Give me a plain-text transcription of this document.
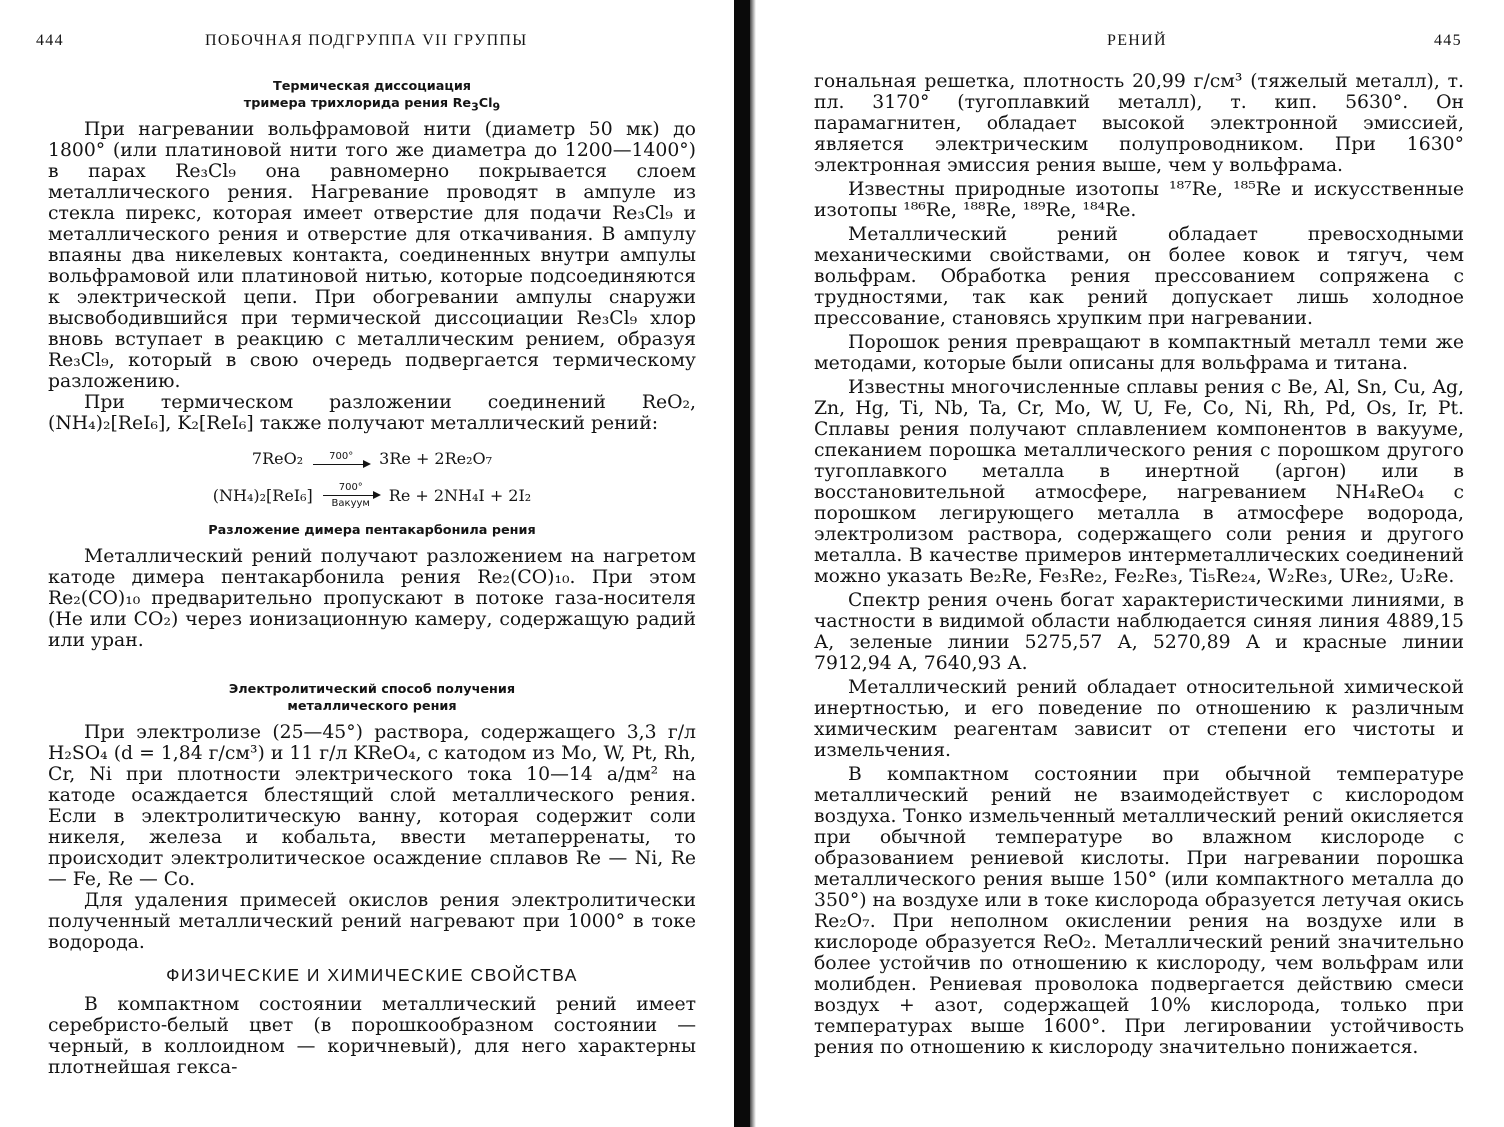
444	ПОБОЧНАЯ ПОДГРУППА VII ГРУППЫ
Термическая диссоциация
тримера трихлорида рения $Re_3Cl_9$

При нагревании вольфрамовой нити (диаметр 50 мк) до 1800° (или платиновой нити того же диаметра до 1200—1400°) в парах Re₃Cl₉ она равномерно покрывается слоем металлического рения. Нагревание проводят в ампуле из стекла пирекс, которая имеет отверстие для подачи Re₃Cl₉ и металлического рения и отверстие для откачивания. В ампулу впаяны два никелевых контакта, соединенных внутри ампулы вольфрамовой или платиновой нитью, которые подсоединяются к электрической цепи. При обогревании ампулы снаружи высвободившийся при термической диссоциации Re₃Cl₉ хлор вновь вступает в реакцию с металлическим рением, образуя Re₃Cl₉, который в свою очередь подвергается термическому разложению.

При термическом разложении соединений ReO₂, (NH₄)₂[ReI₆], K₂[ReI₆] также получают металлический рений:

7ReO₂	700° 3Re + 2Re₂O₇
(NH₄)₂[ReI₆]	700°
Вакуум Re + 2NH₄I + 2I₂
Разложение димера пентакарбонила рения

Металлический рений получают разложением на нагретом катоде димера пентакарбонила рения Re₂(CO)₁₀. При этом Re₂(CO)₁₀ предварительно пропускают в потоке газа-носителя (He или CO₂) через ионизационную камеру, содержащую радий или уран.

Электролитический способ получения
металлического рения

При электролизе (25—45°) раствора, содержащего 3,3 г/л H₂SO₄ (d = 1,84 г/см³) и 11 г/л KReO₄, с катодом из Mo, W, Pt, Rh, Cr, Ni при плотности электрического тока 10—14 а/дм² на катоде осаждается блестящий слой металлического рения. Если в электролитическую ванну, которая содержит соли никеля, железа и кобальта, ввести метаперренаты, то происходит электролитическое осаждение сплавов Re — Ni, Re — Fe, Re — Co.

Для удаления примесей окислов рения электролитически полученный металлический рений нагревают при 1000° в токе водорода.

ФИЗИЧЕСКИЕ И ХИМИЧЕСКИЕ СВОЙСТВА

В компактном состоянии металлический рений имеет серебристо-белый цвет (в порошкообразном состоянии — черный, в коллоидном — коричневый), для него характерны плотнейшая гекса-

РЕНИЙ	445

гональная решетка, плотность 20,99 г/см³ (тяжелый металл), т. пл. 3170° (тугоплавкий металл), т. кип. 5630°. Он парамагнитен, обладает высокой электронной эмиссией, является электрическим полупроводником. При 1630° электронная эмиссия рения выше, чем у вольфрама.

Известны природные изотопы ¹⁸⁷Re, ¹⁸⁵Re и искусственные изотопы ¹⁸⁶Re, ¹⁸⁸Re, ¹⁸⁹Re, ¹⁸⁴Re.

Металлический рений обладает превосходными механическими свойствами, он более ковок и тягуч, чем вольфрам. Обработка рения прессованием сопряжена с трудностями, так как рений допускает лишь холодное прессование, становясь хрупким при нагревании.

Порошок рения превращают в компактный металл теми же методами, которые были описаны для вольфрама и титана.

Известны многочисленные сплавы рения с Be, Al, Sn, Cu, Ag, Zn, Hg, Ti, Nb, Ta, Cr, Mo, W, U, Fe, Co, Ni, Rh, Pd, Os, Ir, Pt. Сплавы рения получают сплавлением компонентов в вакууме, спеканием порошка металлического рения с порошком другого тугоплавкого металла в инертной (аргон) или в восстановительной атмосфере, нагреванием NH₄ReO₄ с порошком легирующего металла в атмосфере водорода, электролизом раствора, содержащего соли рения и другого металла. В качестве примеров интерметаллических соединений можно указать Be₂Re, Fe₃Re₂, Fe₂Re₃, Ti₅Re₂₄, W₂Re₃, URe₂, U₂Re.

Спектр рения очень богат характеристическими линиями, в частности в видимой области наблюдается синяя линия 4889,15 А, зеленые линии 5275,57 А, 5270,89 А и красные линии 7912,94 А, 7640,93 А.

Металлический рений обладает относительной химической инертностью, и его поведение по отношению к различным химическим реагентам зависит от степени его чистоты и измельчения.

В компактном состоянии при обычной температуре металлический рений не взаимодействует с кислородом воздуха. Тонко измельченный металлический рений окисляется при обычной температуре во влажном кислороде с образованием рениевой кислоты. При нагревании порошка металлического рения выше 150° (или компактного металла до 350°) на воздухе или в токе кислорода образуется летучая окись Re₂O₇. При неполном окислении рения на воздухе или в кислороде образуется ReO₂. Металлический рений значительно более устойчив по отношению к кислороду, чем вольфрам или молибден. Рениевая проволока подвергается действию смеси воздух + азот, содержащей 10% кислорода, только при температурах выше 1600°. При легировании устойчивость рения по отношению к кислороду значительно понижается.
